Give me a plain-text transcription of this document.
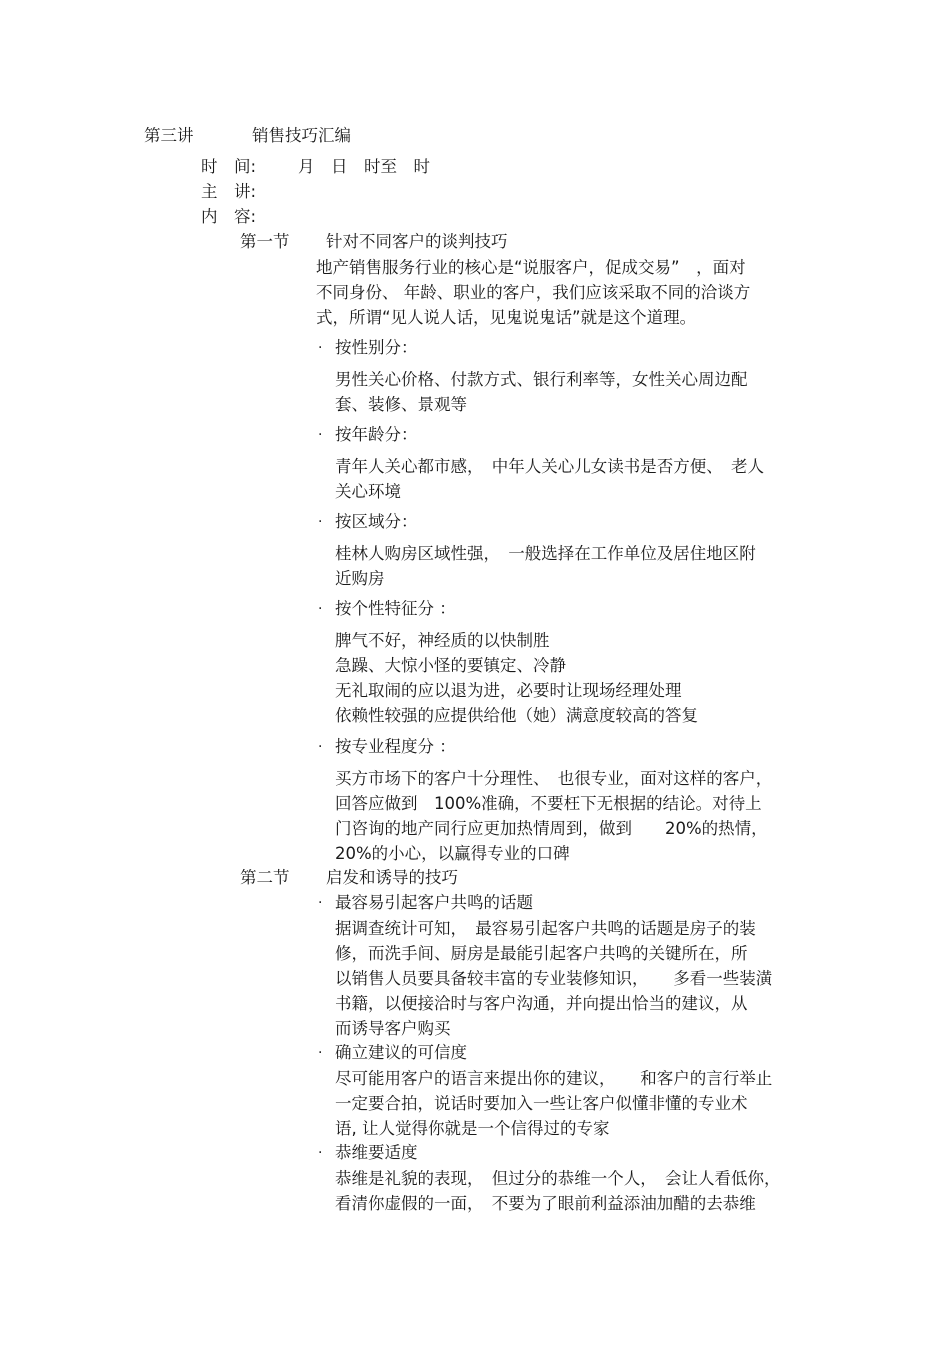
第三讲	销售技巧汇编
时　间:	月　日　时至　时
主　讲:
内　容:
第一节 针对不同客户的谈判技巧
地产销售服务行业的核心是“说服客户，促成交易”　，面对
不同身份、 年龄、职业的客户，我们应该采取不同的洽谈方
式，所谓“见人说人话，见鬼说鬼话”就是这个道理。
· 按性别分：
男性关心价格、付款方式、银行利率等，女性关心周边配
套、装修、景观等
· 按年龄分：
青年人关心都市感，　中年人关心儿女读书是否方便、　老人
关心环境
· 按区域分：
桂林人购房区域性强，　一般选择在工作单位及居住地区附
近购房
· 按个性特征分 ：
脾气不好，神经质的以快制胜
急躁、大惊小怪的要镇定、冷静
无礼取闹的应以退为进，必要时让现场经理处理
依赖性较强的应提供给他（她）满意度较高的答复
· 按专业程度分 ：
买方市场下的客户十分理性、　也很专业，面对这样的客户，
回答应做到　100%准确，不要枉下无根据的结论。对待上
门咨询的地产同行应更加热情周到，做到　　20%的热情，
20%的小心，以赢得专业的口碑
第二节 启发和诱导的技巧
· 最容易引起客户共鸣的话题
据调查统计可知，　最容易引起客户共鸣的话题是房子的装
修，而洗手间、厨房是最能引起客户共鸣的关键所在，所
以销售人员要具备较丰富的专业装修知识，　　多看一些装潢
书籍，以便接洽时与客户沟通，并向提出恰当的建议，从
而诱导客户购买
· 确立建议的可信度
尽可能用客户的语言来提出你的建议，　　和客户的言行举止
一定要合拍，说话时要加入一些让客户似懂非懂的专业术
语, 让人觉得你就是一个信得过的专家
· 恭维要适度
恭维是礼貌的表现，　但过分的恭维一个人，　会让人看低你，
看清你虚假的一面，　不要为了眼前利益添油加醋的去恭维
